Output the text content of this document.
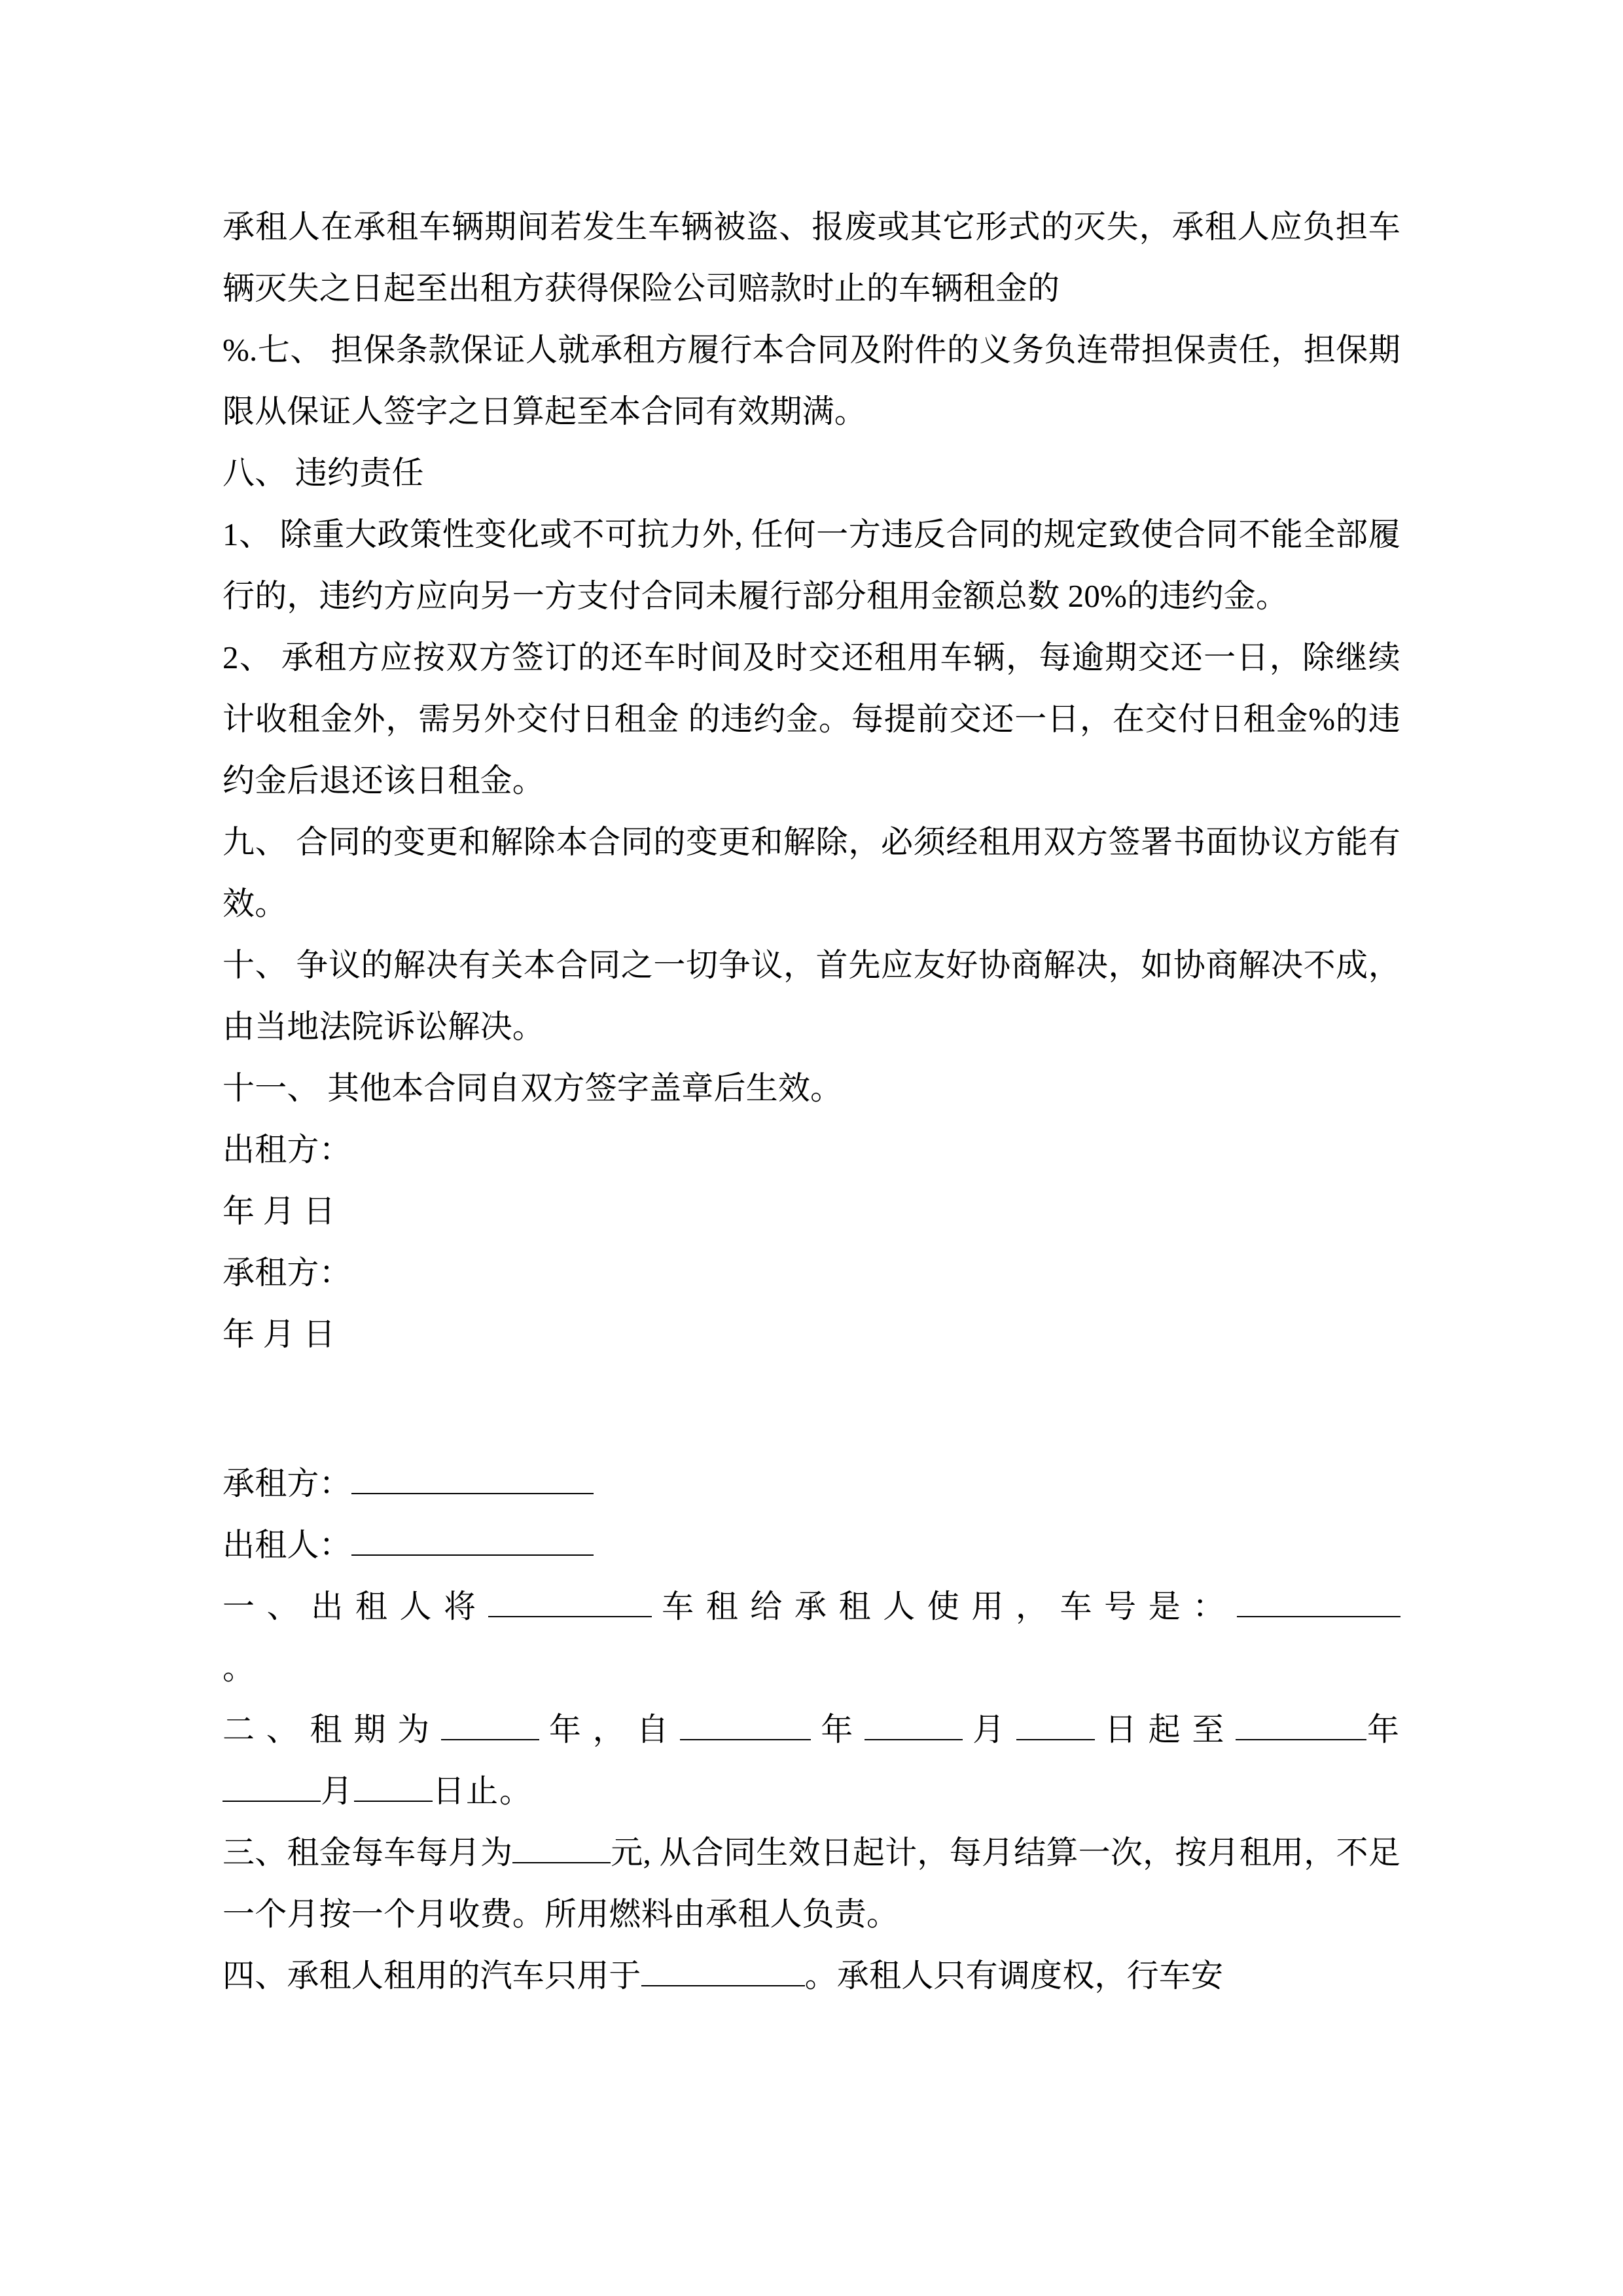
承租人在承租车辆期间若发生车辆被盗、报废或其它形式的灭失，承租人应负担车辆灭失之日起至出租方获得保险公司赔款时止的车辆租金的

%.七、 担保条款保证人就承租方履行本合同及附件的义务负连带担保责任，担保期限从保证人签字之日算起至本合同有效期满。

八、 违约责任

1、 除重大政策性变化或不可抗力外, 任何一方违反合同的规定致使合同不能全部履行的，违约方应向另一方支付合同未履行部分租用金额总数 20%的违约金。

2、 承租方应按双方签订的还车时间及时交还租用车辆，每逾期交还一日，除继续计收租金外，需另外交付日租金 的违约金。每提前交还一日，在交付日租金%的违约金后退还该日租金。

九、 合同的变更和解除本合同的变更和解除，必须经租用双方签署书面协议方能有效。

十、 争议的解决有关本合同之一切争议，首先应友好协商解决，如协商解决不成，由当地法院诉讼解决。

十一、 其他本合同自双方签字盖章后生效。

出租方：

年 月 日

承租方：

年 月 日

承租方：

出租人：

一 、 出 租 人 将	车 租 给 承 租 人 使 用 ， 车 号 是 ： 。

二 、 租 期 为	年 ， 自	年	月	日 起 至	年月 日止。

三、租金每车每月为	元, 从合同生效日起计，每月结算一次，按月租用，不足一个月按一个月收费。所用燃料由承租人负责。

四、承租人租用的汽车只用于	。承租人只有调度权，行车安
